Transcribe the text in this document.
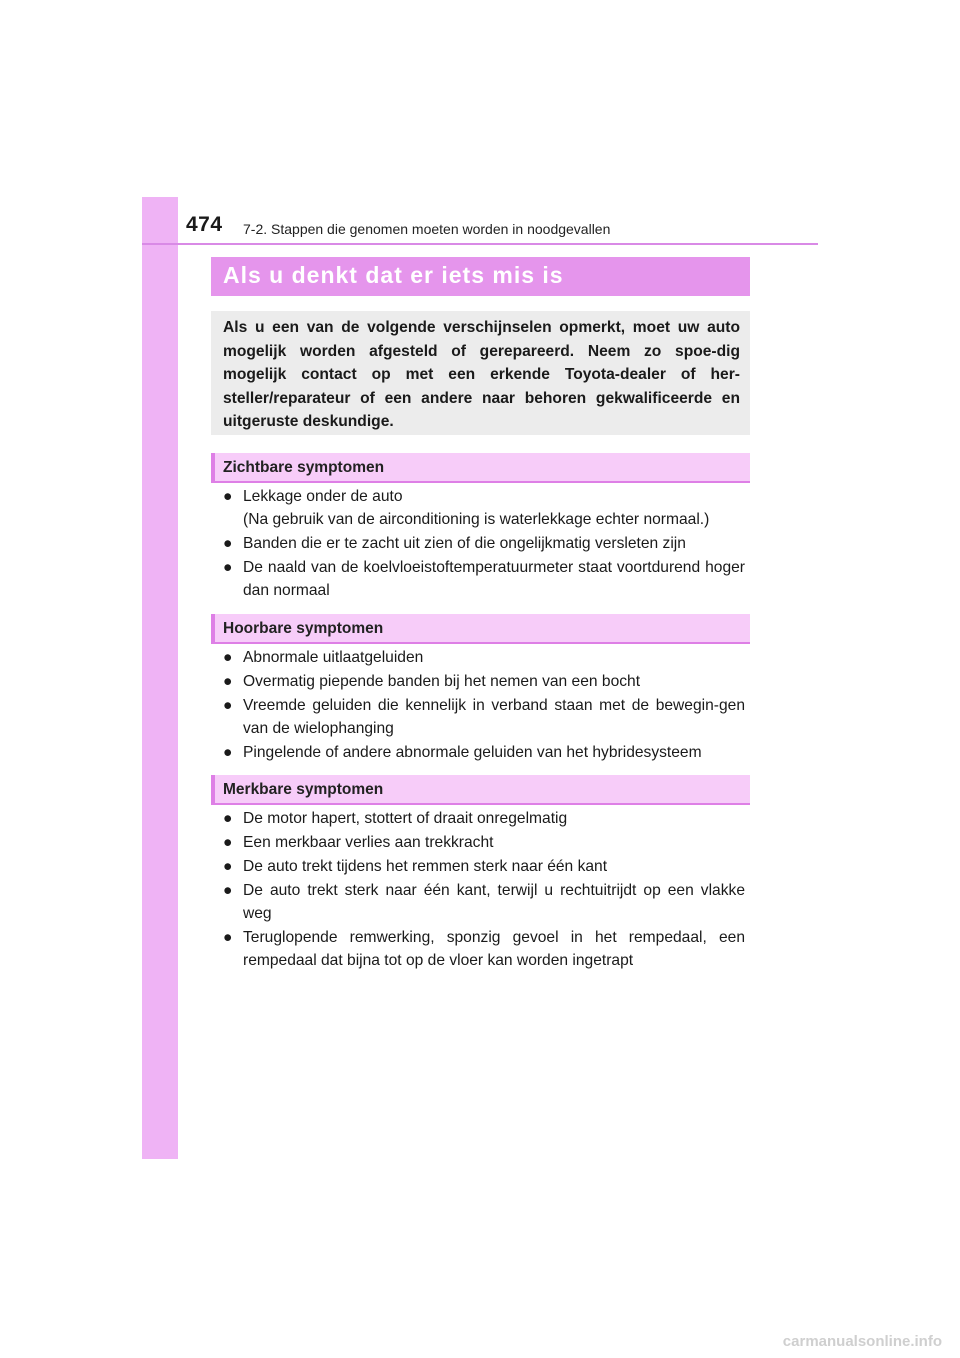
474 7-2. Stappen die genomen moeten worden in noodgevallen
Als u denkt dat er iets mis is
Als u een van de volgende verschijnselen opmerkt, moet uw auto mogelijk worden afgesteld of gerepareerd. Neem zo spoe-dig mogelijk contact op met een erkende Toyota-dealer of her-steller/reparateur of een andere naar behoren gekwalificeerde en uitgeruste deskundige.
Zichtbare symptomen
● Lekkage onder de auto
(Na gebruik van de airconditioning is waterlekkage echter normaal.)
● Banden die er te zacht uit zien of die ongelijkmatig versleten zijn
● De naald van de koelvloeistoftemperatuurmeter staat voortdurend hoger dan normaal
Hoorbare symptomen
● Abnormale uitlaatgeluiden
● Overmatig piepende banden bij het nemen van een bocht
● Vreemde geluiden die kennelijk in verband staan met de bewegin-gen van de wielophanging
● Pingelende of andere abnormale geluiden van het hybridesysteem
Merkbare symptomen
● De motor hapert, stottert of draait onregelmatig
● Een merkbaar verlies aan trekkracht
● De auto trekt tijdens het remmen sterk naar één kant
● De auto trekt sterk naar één kant, terwijl u rechtuitrijdt op een vlakke weg
● Teruglopende remwerking, sponzig gevoel in het rempedaal, een rempedaal dat bijna tot op de vloer kan worden ingetrapt
carmanualsonline.info
